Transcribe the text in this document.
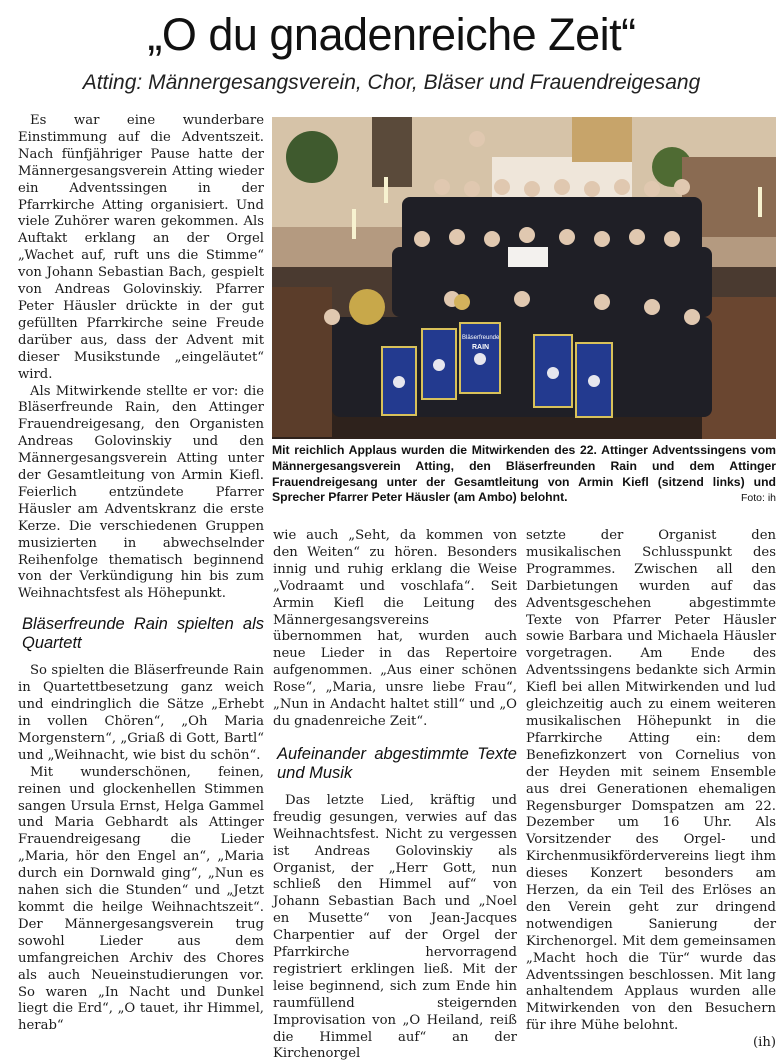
„O du gnadenreiche Zeit“
Atting: Männergesangsverein, Chor, Bläser und Frauendreigesang

Es war eine wunderbare Einstimmung auf die Adventszeit. Nach fünfjähriger Pause hatte der Männergesangsverein Atting wieder ein Adventssingen in der Pfarrkirche Atting organisiert. Und viele Zuhörer waren gekommen. Als Auftakt erklang an der Orgel „Wachet auf, ruft uns die Stimme“ von Johann Sebastian Bach, gespielt von Andreas Golovinskiy. Pfarrer Peter Häusler drückte in der gut gefüllten Pfarrkirche seine Freude darüber aus, dass der Advent mit dieser Musikstunde „eingeläutet“ wird.

Als Mitwirkende stellte er vor: die Bläserfreunde Rain, den Attinger Frauendreigesang, den Organisten Andreas Golovinskiy und den Männergesangsverein Atting unter der Gesamtleitung von Armin Kiefl. Feierlich entzündete Pfarrer Häusler am Adventskranz die erste Kerze. Die verschiedenen Gruppen musizierten in abwechselnder Reihenfolge thematisch beginnend von der Verkündigung hin bis zum Weihnachtsfest als Höhepunkt.

Bläserfreunde Rain spielten als Quartett

So spielten die Bläserfreunde Rain in Quartettbesetzung ganz weich und eindringlich die Sätze „Erhebt in vollen Chören“, „Oh Maria Morgenstern“, „Griaß di Gott, Bartl“ und „Weihnacht, wie bist du schön“.

Mit wunderschönen, feinen, reinen und glockenhellen Stimmen sangen Ursula Ernst, Helga Gammel und Maria Gebhardt als Attinger Frauendreigesang die Lieder „Maria, hör den Engel an“, „Maria durch ein Dornwald ging“, „Nun es nahen sich die Stunden“ und „Jetzt kommt die heilge Weihnachtszeit“. Der Männergesangsverein trug sowohl Lieder aus dem umfangreichen Archiv des Chores als auch Neueinstudierungen vor. So waren „In Nacht und Dunkel liegt die Erd“, „O tauet, ihr Himmel, herab“

Bläserfreunde
RAIN
Mit reichlich Applaus wurden die Mitwirkenden des 22. Attinger Adventssingens vom Männergesangsverein Atting, den Bläserfreunden Rain und dem Attinger Frauendreigesang unter der Gesamtleitung von Armin Kiefl (sitzend links) und Sprecher Pfarrer Peter Häusler (am Ambo) belohnt.	Foto: ih

wie auch „Seht, da kommen von den Weiten“ zu hören. Besonders innig und ruhig erklang die Weise „Vodraamt und voschlafa“. Seit Armin Kiefl die Leitung des Männergesangsvereins übernommen hat, wurden auch neue Lieder in das Repertoire aufgenommen. „Aus einer schönen Rose“, „Maria, unsre liebe Frau“, „Nun in Andacht haltet still“ und „O du gnadenreiche Zeit“.

Aufeinander abgestimmte Texte und Musik

Das letzte Lied, kräftig und freudig gesungen, verwies auf das Weihnachtsfest. Nicht zu vergessen ist Andreas Golovinskiy als Organist, der „Herr Gott, nun schließ den Himmel auf“ von Johann Sebastian Bach und „Noel en Musette“ von Jean-Jacques Charpentier auf der Orgel der Pfarrkirche hervorragend registriert erklingen ließ. Mit der leise beginnend, sich zum Ende hin raumfüllend steigernden Improvisation von „O Heiland, reiß die Himmel auf“ an der Kirchenorgel

setzte der Organist den musikalischen Schlusspunkt des Programmes. Zwischen all den Darbietungen wurden auf das Adventsgeschehen abgestimmte Texte von Pfarrer Peter Häusler sowie Barbara und Michaela Häusler vorgetragen. Am Ende des Adventssingens bedankte sich Armin Kiefl bei allen Mitwirkenden und lud gleichzeitig auch zu einem weiteren musikalischen Höhepunkt in die Pfarrkirche Atting ein: dem Benefizkonzert von Cornelius von der Heyden mit seinem Ensemble aus drei Generationen ehemaligen Regensburger Domspatzen am 22. Dezember um 16 Uhr. Als Vorsitzender des Orgel- und Kirchenmusikfördervereins liegt ihm dieses Konzert besonders am Herzen, da ein Teil des Erlöses an den Verein geht zur dringend notwendigen Sanierung der Kirchenorgel. Mit dem gemeinsamen „Macht hoch die Tür“ wurde das Adventssingen beschlossen. Mit lang anhaltendem Applaus wurden alle Mitwirkenden von den Besuchern für ihre Mühe belohnt.

(ih)
